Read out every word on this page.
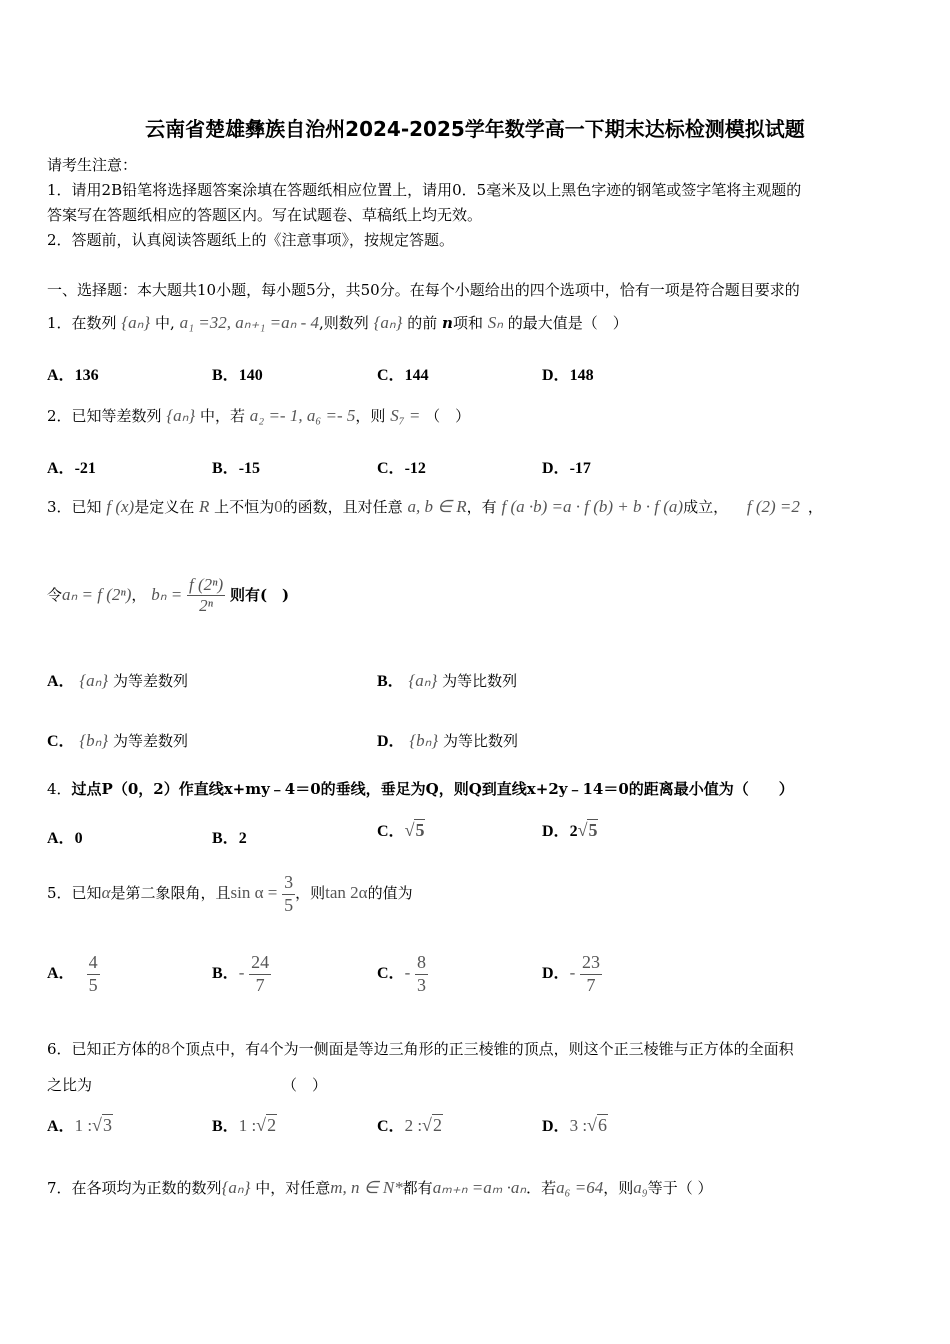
云南省楚雄彝族自治州2024-2025学年数学高一下期末达标检测模拟试题
请考生注意：
1．请用2B铅笔将选择题答案涂填在答题纸相应位置上，请用0．5毫米及以上黑色字迹的钢笔或签字笔将主观题的
答案写在答题纸相应的答题区内。写在试题卷、草稿纸上均无效。
2．答题前，认真阅读答题纸上的《注意事项》，按规定答题。
一、选择题：本大题共10小题，每小题5分，共50分。在每个小题给出的四个选项中，恰有一项是符合题目要求的
1．在数列 {aₙ} 中, a₁ =32, aₙ₊₁ =aₙ - 4,则数列 {aₙ} 的前 n项和 Sₙ 的最大值是（　）
A．136	B．140	C．144	D．148
2．已知等差数列 {aₙ} 中，若 a₂ =- 1, a₆ =- 5，则 S₇ = （　）
A．-21	B．-15	C．-12	D．-17
3．已知 f (x)是定义在 R 上不恒为0的函数，且对任意 a, b ∈ R，有 f (a ·b) =a · f (b) + b · f (a)成立， f (2) =2 ，
令aₙ = f (2ⁿ)， $b_n = \frac{\text{f (2ⁿ)}}{\text{2ⁿ}}$ 则有(　)
A． {aₙ} 为等差数列	B． {aₙ} 为等比数列
C． {bₙ} 为等差数列	D． {bₙ} 为等比数列
4．过点P（0，2）作直线x+my﹣4＝0的垂线，垂足为Q，则Q到直线x+2y﹣14＝0的距离最小值为（　　）
A．0	B．2	C．√5	D．2√5
5．已知α是第二象限角，且$\sin \alpha = \frac{3}{5}$ ，则tan 2α的值为
A． $\frac{4}{5}$	B．- $\frac{24}{7}$	C．- $\frac{8}{3}$	D．- $\frac{23}{7}$
6．已知正方体的8个顶点中，有4个为一侧面是等边三角形的正三棱锥的顶点，则这个正三棱锥与正方体的全面积
之比为	（　）
A．1 :√3	B．1 :√2	C．2 :√2	D．3 :√6
7．在各项均为正数的数列{aₙ} 中，对任意m, n ∈ N*都有aₘ₊ₙ =aₘ ·aₙ．若a₆ =64，则a₉等于（ ）
